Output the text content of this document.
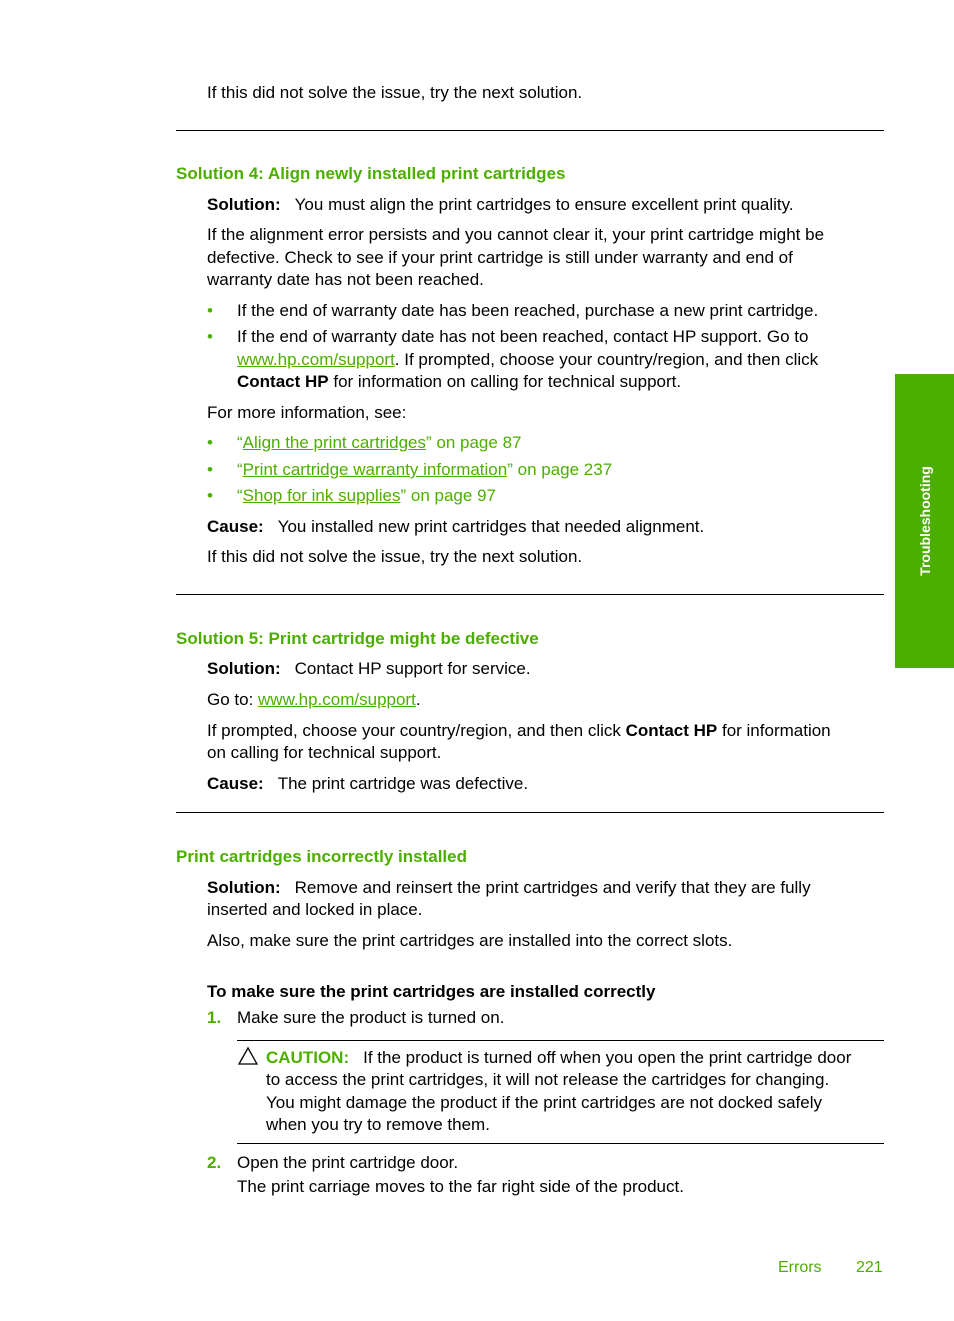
If this did not solve the issue, try the next solution.
Solution 4: Align newly installed print cartridges
Solution: You must align the print cartridges to ensure excellent print quality.
If the alignment error persists and you cannot clear it, your print cartridge might be
defective. Check to see if your print cartridge is still under warranty and end of
warranty date has not been reached.
• If the end of warranty date has been reached, purchase a new print cartridge.
• If the end of warranty date has not been reached, contact HP support. Go to
www.hp.com/support. If prompted, choose your country/region, and then click
Contact HP for information on calling for technical support.
For more information, see:
• “Align the print cartridges” on page 87
• “Print cartridge warranty information” on page 237
• “Shop for ink supplies” on page 97
Cause: You installed new print cartridges that needed alignment.
If this did not solve the issue, try the next solution.
Solution 5: Print cartridge might be defective
Solution: Contact HP support for service.
Go to: www.hp.com/support.
If prompted, choose your country/region, and then click Contact HP for information
on calling for technical support.
Cause: The print cartridge was defective.
Print cartridges incorrectly installed
Solution: Remove and reinsert the print cartridges and verify that they are fully
inserted and locked in place.
Also, make sure the print cartridges are installed into the correct slots.
To make sure the print cartridges are installed correctly
1. Make sure the product is turned on.
CAUTION: If the product is turned off when you open the print cartridge door
to access the print cartridges, it will not release the cartridges for changing.
You might damage the product if the print cartridges are not docked safely
when you try to remove them.
2. Open the print cartridge door.
The print carriage moves to the far right side of the product.
Troubleshooting
Errors 221
